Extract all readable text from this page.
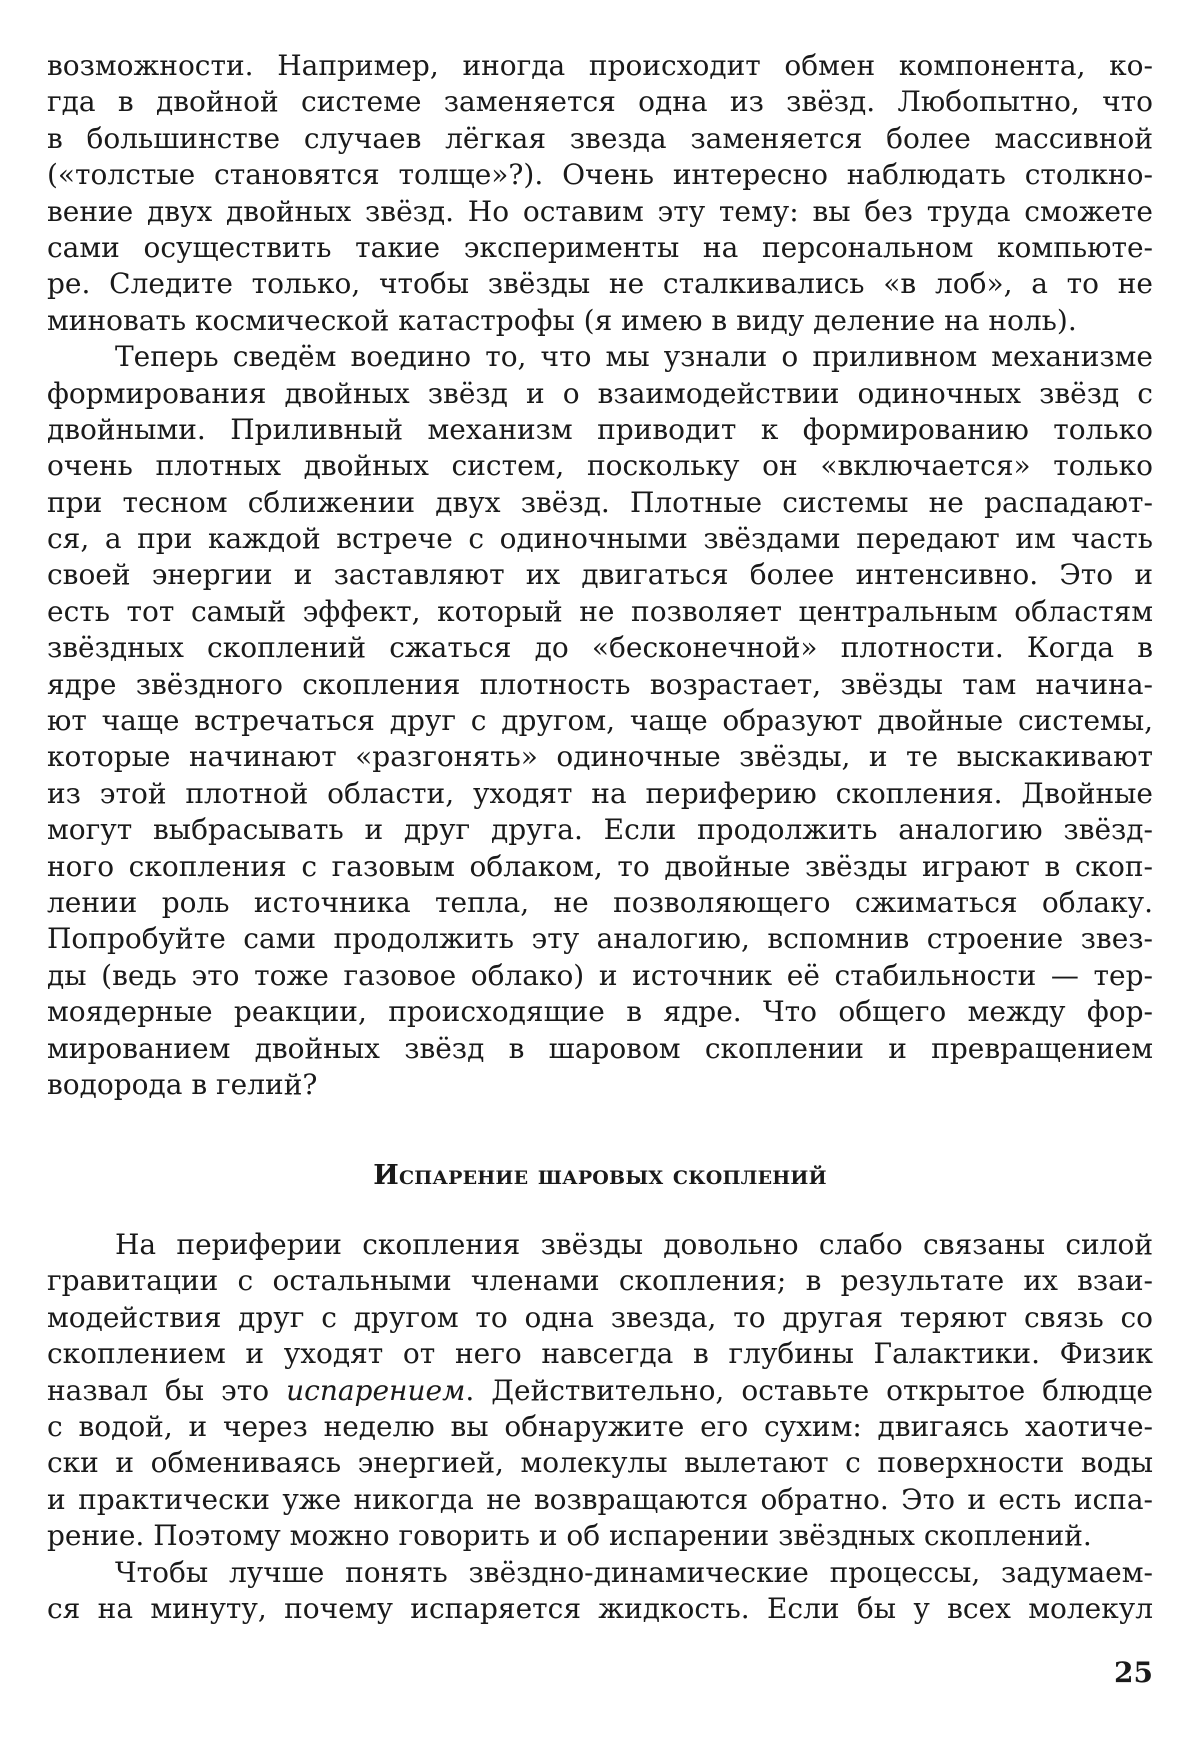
возможности. Например, иногда происходит обмен компонента, ко-
гда в двойной системе заменяется одна из звёзд. Любопытно, что
в большинстве случаев лёгкая звезда заменяется более массивной
(«толстые становятся толще»?). Очень интересно наблюдать столкно-
вение двух двойных звёзд. Но оставим эту тему: вы без труда сможете
сами осуществить такие эксперименты на персональном компьюте-
ре. Следите только, чтобы звёзды не сталкивались «в лоб», а то не
миновать космической катастрофы (я имею в виду деление на ноль).
Теперь сведём воедино то, что мы узнали о приливном механизме
формирования двойных звёзд и о взаимодействии одиночных звёзд с
двойными. Приливный механизм приводит к формированию только
очень плотных двойных систем, поскольку он «включается» только
при тесном сближении двух звёзд. Плотные системы не распадают-
ся, а при каждой встрече с одиночными звёздами передают им часть
своей энергии и заставляют их двигаться более интенсивно. Это и
есть тот самый эффект, который не позволяет центральным областям
звёздных скоплений сжаться до «бесконечной» плотности. Когда в
ядре звёздного скопления плотность возрастает, звёзды там начина-
ют чаще встречаться друг с другом, чаще образуют двойные системы,
которые начинают «разгонять» одиночные звёзды, и те выскакивают
из этой плотной области, уходят на периферию скопления. Двойные
могут выбрасывать и друг друга. Если продолжить аналогию звёзд-
ного скопления с газовым облаком, то двойные звёзды играют в скоп-
лении роль источника тепла, не позволяющего сжиматься облаку.
Попробуйте сами продолжить эту аналогию, вспомнив строение звез-
ды (ведь это тоже газовое облако) и источник её стабильности — тер-
моядерные реакции, происходящие в ядре. Что общего между фор-
мированием двойных звёзд в шаровом скоплении и превращением
водорода в гелий?
Испарение шаровых скоплений
На периферии скопления звёзды довольно слабо связаны силой
гравитации с остальными членами скопления; в результате их взаи-
модействия друг с другом то одна звезда, то другая теряют связь со
скоплением и уходят от него навсегда в глубины Галактики. Физик
назвал бы это испарением. Действительно, оставьте открытое блюдце
с водой, и через неделю вы обнаружите его сухим: двигаясь хаотиче-
ски и обмениваясь энергией, молекулы вылетают с поверхности воды
и практически уже никогда не возвращаются обратно. Это и есть испа-
рение. Поэтому можно говорить и об испарении звёздных скоплений.
Чтобы лучше понять звёздно-динамические процессы, задумаем-
ся на минуту, почему испаряется жидкость. Если бы у всех молекул
25
